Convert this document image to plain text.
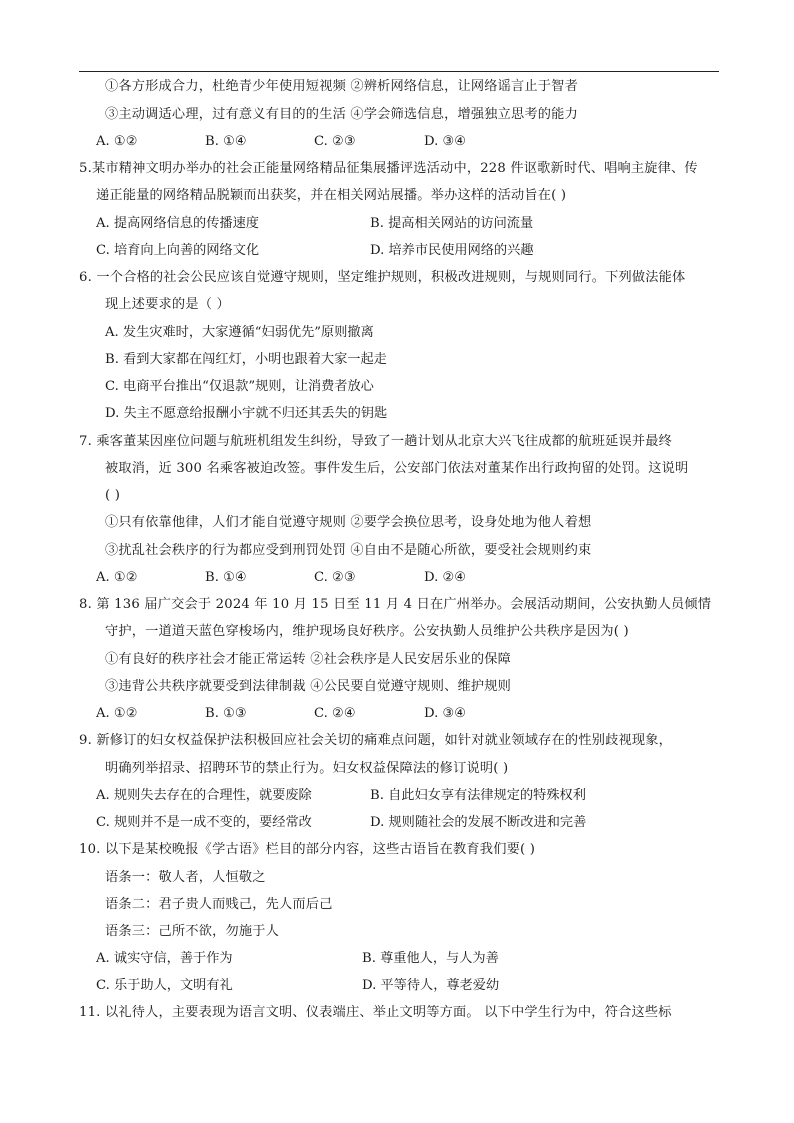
①各方形成合力，杜绝青少年使用短视频 ②辨析网络信息，让网络谣言止于智者
③主动调适心理，过有意义有目的的生活 ④学会筛选信息，增强独立思考的能力
A. ①②	B. ①④	C. ②③	D. ③④
5.某市精神文明办举办的社会正能量网络精品征集展播评选活动中，228 件讴歌新时代、唱响主旋律、传
递正能量的网络精品脱颖而出获奖，并在相关网站展播。举办这样的活动旨在( )
A. 提高网络信息的传播速度	B. 提高相关网站的访问流量
C. 培育向上向善的网络文化	D. 培养市民使用网络的兴趣
6. 一个合格的社会公民应该自觉遵守规则，坚定维护规则，积极改进规则，与规则同行。下列做法能体
现上述要求的是（ ）
A. 发生灾难时，大家遵循“妇弱优先”原则撤离
B. 看到大家都在闯红灯，小明也跟着大家一起走
C. 电商平台推出“仅退款”规则，让消费者放心
D. 失主不愿意给报酬小宇就不归还其丢失的钥匙
7. 乘客董某因座位问题与航班机组发生纠纷，导致了一趟计划从北京大兴飞往成都的航班延误并最终
被取消，近 300 名乘客被迫改签。事件发生后，公安部门依法对董某作出行政拘留的处罚。这说明
( )
①只有依靠他律，人们才能自觉遵守规则 ②要学会换位思考，设身处地为他人着想
③扰乱社会秩序的行为都应受到刑罚处罚 ④自由不是随心所欲，要受社会规则约束
A. ①②	B. ①④	C. ②③	D. ②④
8. 第 136 届广交会于 2024 年 10 月 15 日至 11 月 4 日在广州举办。会展活动期间，公安执勤人员倾情
守护，一道道天蓝色穿梭场内，维护现场良好秩序。公安执勤人员维护公共秩序是因为( )
①有良好的秩序社会才能正常运转 ②社会秩序是人民安居乐业的保障
③违背公共秩序就要受到法律制裁 ④公民要自觉遵守规则、维护规则
A. ①②	B. ①③	C. ②④	D. ③④
9. 新修订的妇女权益保护法积极回应社会关切的痛难点问题，如针对就业领域存在的性别歧视现象，
明确列举招录、招聘环节的禁止行为。妇女权益保障法的修订说明( )
A. 规则失去存在的合理性，就要废除	B. 自此妇女享有法律规定的特殊权利
C. 规则并不是一成不变的，要经常改	D. 规则随社会的发展不断改进和完善
10. 以下是某校晚报《学古语》栏目的部分内容，这些古语旨在教育我们要( )
语条一：敬人者，人恒敬之
语条二：君子贵人而贱己，先人而后己
语条三：己所不欲，勿施于人
A. 诚实守信，善于作为	B. 尊重他人，与人为善
C. 乐于助人，文明有礼	D. 平等待人，尊老爱幼
11. 以礼待人，主要表现为语言文明、仪表端庄、举止文明等方面。 以下中学生行为中，符合这些标
